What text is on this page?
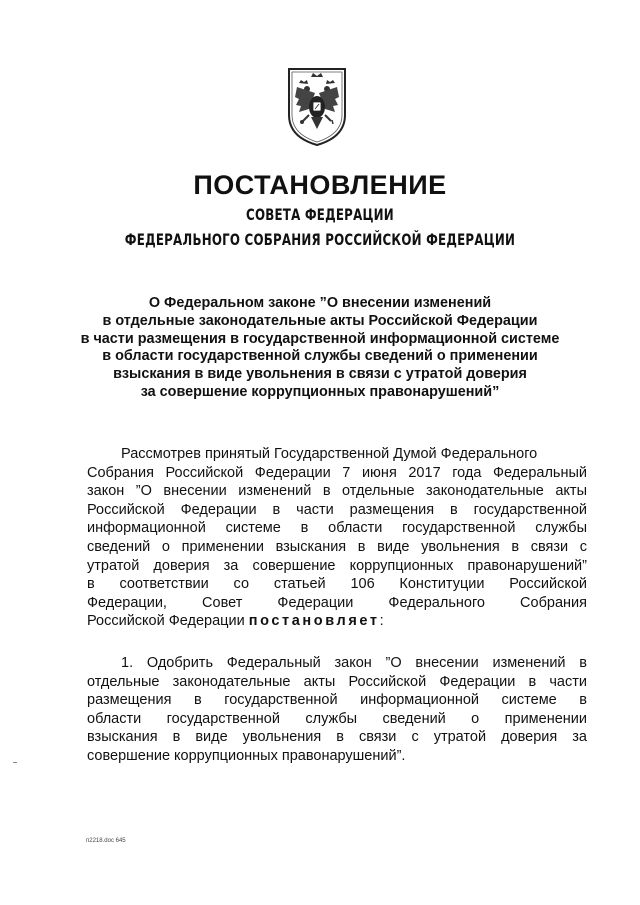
ПОСТАНОВЛЕНИЕ
СОВЕТА ФЕДЕРАЦИИ
ФЕДЕРАЛЬНОГО СОБРАНИЯ РОССИЙСКОЙ ФЕДЕРАЦИИ
О Федеральном законе ”О внесении изменений
в отдельные законодательные акты Российской Федерации
в части размещения в государственной информационной системе
в области государственной службы сведений о применении
взыскания в виде увольнения в связи с утратой доверия
за совершение коррупционных правонарушений”
Рассмотрев принятый Государственной Думой Федерального
Собрания Российской Федерации 7 июня 2017 года Федеральный
закон ”О внесении изменений в отдельные законодательные акты
Российской Федерации в части размещения в государственной
информационной системе в области государственной службы
сведений о применении взыскания в виде увольнения в связи с
утратой доверия за совершение коррупционных правонарушений”
в соответствии со статьей 106 Конституции Российской
Федерации, Совет Федерации Федерального Собрания
Российской Федерации постановляет:
1. Одобрить Федеральный закон ”О внесении изменений в
отдельные законодательные акты Российской Федерации в части
размещения в государственной информационной системе в
области государственной службы сведений о применении
взыскания в виде увольнения в связи с утратой доверия за
совершение коррупционных правонарушений”.
п2218.doc 645
